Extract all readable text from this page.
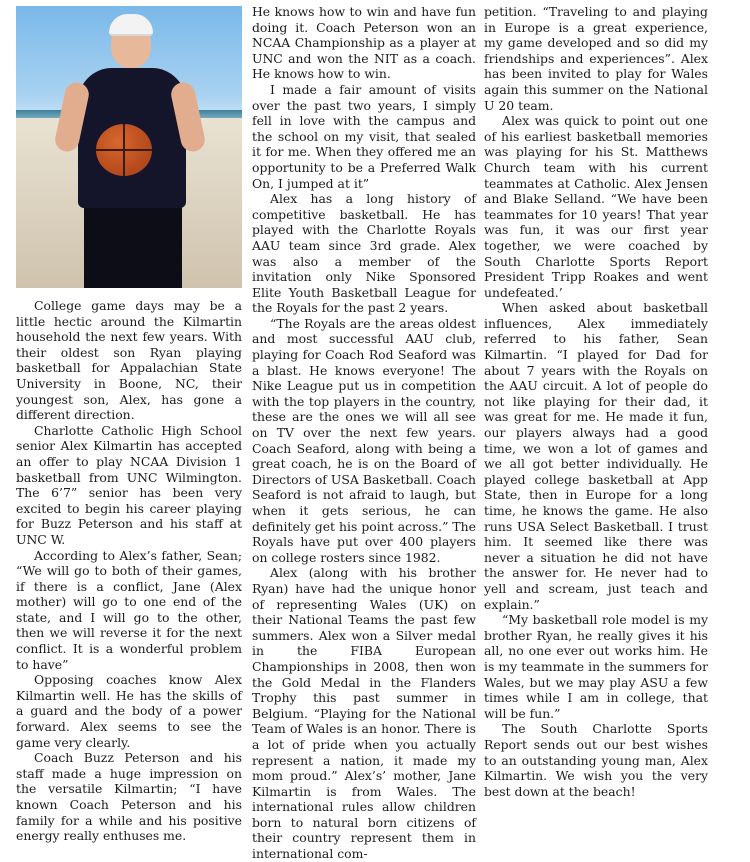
College game days may be a little hectic around the Kilmartin household the next few years. With their oldest son Ryan playing basketball for Appalachian State University in Boone, NC, their youngest son, Alex, has gone a different direction.

Charlotte Catholic High School senior Alex Kilmartin has accepted an offer to play NCAA Division 1 basketball from UNC Wilmington. The 6’7” senior has been very excited to begin his career playing for Buzz Peterson and his staff at UNC W.

According to Alex’s father, Sean; “We will go to both of their games, if there is a conflict, Jane (Alex mother) will go to one end of the state, and I will go to the other, then we will reverse it for the next conflict. It is a wonderful problem to have”

Opposing coaches know Alex Kilmartin well. He has the skills of a guard and the body of a power forward. Alex seems to see the game very clearly.

Coach Buzz Peterson and his staff made a huge impression on the versatile Kilmartin; “I have known Coach Peterson and his family for a while and his positive energy really enthuses me.

He knows how to win and have fun doing it. Coach Peterson won an NCAA Championship as a player at UNC and won the NIT as a coach. He knows how to win.

I made a fair amount of visits over the past two years, I simply fell in love with the campus and the school on my visit, that sealed it for me. When they offered me an opportunity to be a Preferred Walk On, I jumped at it”

Alex has a long history of competitive basketball. He has played with the Charlotte Royals AAU team since 3rd grade. Alex was also a member of the invitation only Nike Sponsored Elite Youth Basketball League for the Royals for the past 2 years.

“The Royals are the areas oldest and most successful AAU club, playing for Coach Rod Seaford was a blast. He knows everyone! The Nike League put us in competition with the top players in the country, these are the ones we will all see on TV over the next few years. Coach Seaford, along with being a great coach, he is on the Board of Directors of USA Basketball. Coach Seaford is not afraid to laugh, but when it gets serious, he can definitely get his point across.” The Royals have put over 400 players on college rosters since 1982.

Alex (along with his brother Ryan) have had the unique honor of representing Wales (UK) on their National Teams the past few summers. Alex won a Silver medal in the FIBA European Championships in 2008, then won the Gold Medal in the Flanders Trophy this past summer in Belgium. “Playing for the National Team of Wales is an honor. There is a lot of pride when you actually represent a nation, it made my mom proud.” Alex’s’ mother, Jane Kilmartin is from Wales. The international rules allow children born to natural born citizens of their country represent them in international com-

petition. “Traveling to and playing in Europe is a great experience, my game developed and so did my friendships and experiences”. Alex has been invited to play for Wales again this summer on the National U 20 team.

Alex was quick to point out one of his earliest basketball memories was playing for his St. Matthews Church team with his current teammates at Catholic. Alex Jensen and Blake Selland. “We have been teammates for 10 years! That year was fun, it was our first year together, we were coached by South Charlotte Sports Report President Tripp Roakes and went undefeated.’

When asked about basketball influences, Alex immediately referred to his father, Sean Kilmartin. “I played for Dad for about 7 years with the Royals on the AAU circuit. A lot of people do not like playing for their dad, it was great for me. He made it fun, our players always had a good time, we won a lot of games and we all got better individually. He played college basketball at App State, then in Europe for a long time, he knows the game. He also runs USA Select Basketball. I trust him. It seemed like there was never a situation he did not have the answer for. He never had to yell and scream, just teach and explain.”

“My basketball role model is my brother Ryan, he really gives it his all, no one ever out works him. He is my teammate in the summers for Wales, but we may play ASU a few times while I am in college, that will be fun.”

The South Charlotte Sports Report sends out our best wishes to an outstanding young man, Alex Kilmartin. We wish you the very best down at the beach!
